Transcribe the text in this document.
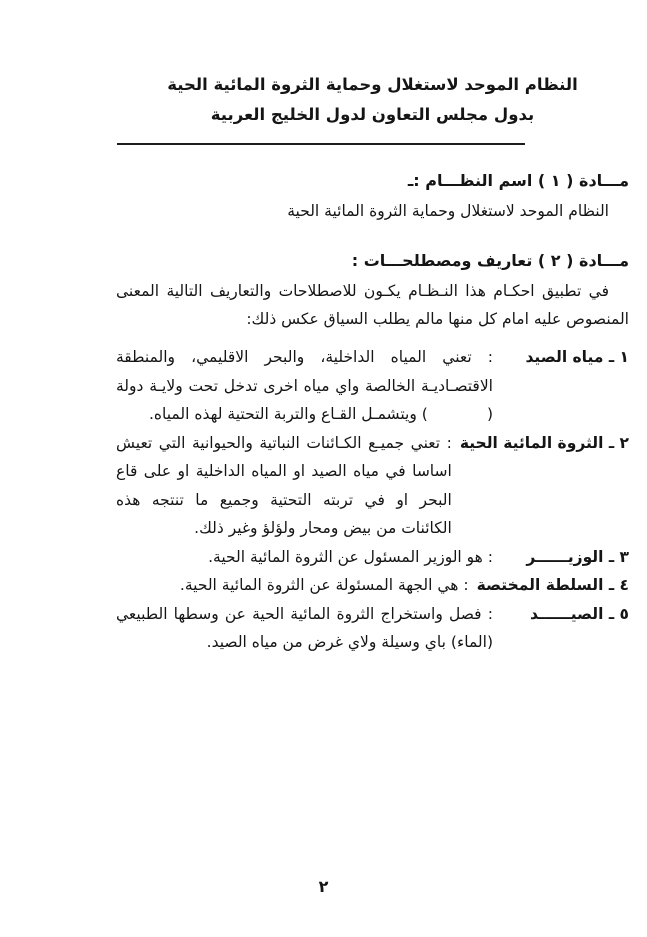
النظام الموحد لاستغلال وحماية الثروة المائية الحية
بدول مجلس التعاون لدول الخليج العربية
مـــادة ( ١ ) اسم النظـــام :ـ

النظام الموحد لاستغلال وحماية الثروة المائية الحية

مـــادة ( ٢ ) تعاريف ومصطلحـــات :

في تطبيق احكـام هذا النـظـام يكـون للاصطلاحات والتعاريف التالية المعنى المنصوص عليه امام كل منها مالم يطلب السياق عكس ذلك:

١ ـ مياه الصيد
: تعني المياه الداخلية، والبحر الاقليمي، والمنطقة الاقتصـاديـة الخالصة واي مياه اخرى تدخل تحت ولايـة دولة (            ) ويتشمـل القـاع والتربة التحتية لهذه المياه.
٢ ـ الثروة المائية الحية
: تعني جميـع الكـائنات النباتية والحيوانية التي تعيش اساسا في مياه الصيد او المياه الداخلية او على قاع البحر او في تربته التحتية وجميع ما تنتجه هذه الكائنات من بيض ومحار ولؤلؤ وغير ذلك.
٣ ـ الوزيــــــر
: هو الوزير المسئول عن الثروة المائية الحية.
٤ ـ السلطة المختصة
: هي الجهة المسئولة عن الثروة المائية الحية.
٥ ـ الصيــــــد
: فصل واستخراج الثروة المائية الحية عن وسطها الطبيعي (الماء) باي وسيلة ولاي غرض من مياه الصيد.
٢
